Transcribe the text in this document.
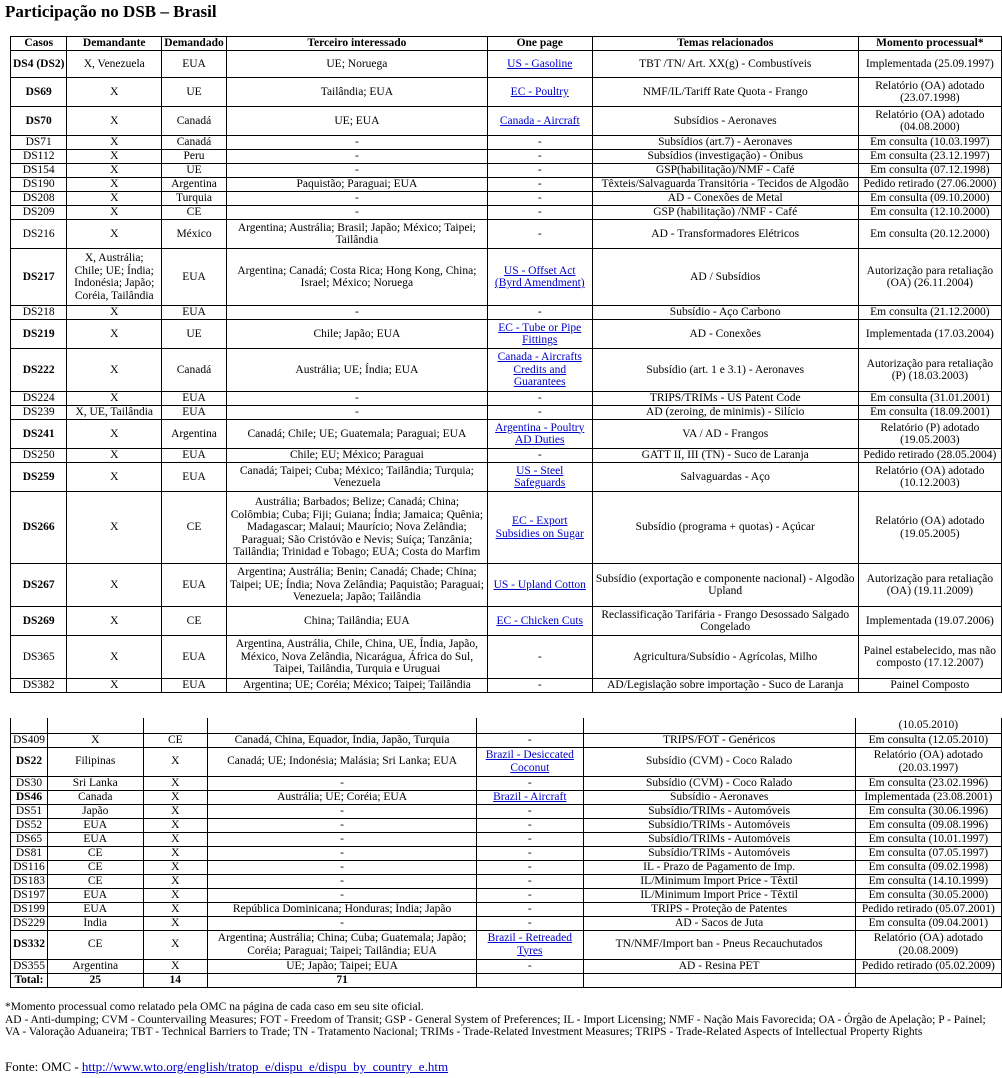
Participação no DSB – Brasil
Casos	Demandante	Demandado	Terceiro interessado	One page	Temas relacionados	Momento processual*
DS4 (DS2)	X, Venezuela	EUA	UE; Noruega	US - Gasoline	TBT /TN/ Art. XX(g) - Combustíveis	Implementada (25.09.1997)
DS69	X	UE	Tailândia; EUA	EC - Poultry	NMF/IL/Tariff Rate Quota - Frango	Relatório (OA) adotado (23.07.1998)
DS70	X	Canadá	UE; EUA	Canada - Aircraft	Subsídios - Aeronaves	Relatório (OA) adotado (04.08.2000)
DS71	X	Canadá	-	-	Subsídios (art.7) - Aeronaves	Em consulta (10.03.1997)
DS112	X	Peru	-	-	Subsídios (investigação) - Ônibus	Em consulta (23.12.1997)
DS154	X	UE	-	-	GSP(habilitação)/NMF - Café	Em consulta (07.12.1998)
DS190	X	Argentina	Paquistão; Paraguai; EUA	-	Têxteis/Salvaguarda Transitória - Tecidos de Algodão	Pedido retirado (27.06.2000)
DS208	X	Turquia	-	-	AD - Conexões de Metal	Em consulta (09.10.2000)
DS209	X	CE	-	-	GSP (habilitação) /NMF - Café	Em consulta (12.10.2000)
DS216	X	México	Argentina; Austrália; Brasil; Japão; México; Taipei; Tailândia	-	AD - Transformadores Elétricos	Em consulta (20.12.2000)
DS217	X, Austrália; Chile; UE; Índia; Indonésia; Japão; Coréia, Tailândia	EUA	Argentina; Canadá; Costa Rica; Hong Kong, China; Israel; México; Noruega	US - Offset Act (Byrd Amendment)	AD / Subsídios	Autorização para retaliação (OA) (26.11.2004)
DS218	X	EUA	-	-	Subsídio - Aço Carbono	Em consulta (21.12.2000)
DS219	X	UE	Chile; Japão; EUA	EC - Tube or Pipe Fittings	AD - Conexões	Implementada (17.03.2004)
DS222	X	Canadá	Austrália; UE; Índia; EUA	Canada - Aircrafts Credits and Guarantees	Subsídio (art. 1 e 3.1) - Aeronaves	Autorização para retaliação (P) (18.03.2003)
DS224	X	EUA	-	-	TRIPS/TRIMs - US Patent Code	Em consulta (31.01.2001)
DS239	X, UE, Tailândia	EUA	-	-	AD (zeroing, de minimis) - Silício	Em consulta (18.09.2001)
DS241	X	Argentina	Canadá; Chile; UE; Guatemala; Paraguai; EUA	Argentina - Poultry AD Duties	VA / AD - Frangos	Relatório (P) adotado (19.05.2003)
DS250	X	EUA	Chile; EU; México; Paraguai	-	GATT II, III (TN) - Suco de Laranja	Pedido retirado (28.05.2004)
DS259	X	EUA	Canadá; Taipei; Cuba; México; Tailândia; Turquia; Venezuela	US - Steel Safeguards	Salvaguardas - Aço	Relatório (OA) adotado (10.12.2003)
DS266	X	CE	Austrália; Barbados; Belize; Canadá; China; Colômbia; Cuba; Fiji; Guiana; Índia; Jamaica; Quênia; Madagascar; Malaui; Maurício; Nova Zelândia; Paraguai; São Cristóvão e Nevis; Suíça; Tanzânia; Tailândia; Trinidad e Tobago; EUA; Costa do Marfim	EC - Export Subsidies on Sugar	Subsídio (programa + quotas) - Açúcar	Relatório (OA) adotado (19.05.2005)
DS267	X	EUA	Argentina; Austrália; Benin; Canadá; Chade; China; Taipei; UE; Índia; Nova Zelândia; Paquistão; Paraguai; Venezuela; Japão; Tailândia	US - Upland Cotton	Subsídio (exportação e componente nacional) - Algodão Upland	Autorização para retaliação (OA) (19.11.2009)
DS269	X	CE	China; Tailândia; EUA	EC - Chicken Cuts	Reclassificação Tarifária - Frango Desossado Salgado Congelado	Implementada (19.07.2006)
DS365	X	EUA	Argentina, Austrália, Chile, China, UE, Índia, Japão, México, Nova Zelândia, Nicarágua, África do Sul, Taipei, Tailândia, Turquia e Uruguai	-	Agricultura/Subsídio - Agrícolas, Milho	Painel estabelecido, mas não composto (17.12.2007)
DS382	X	EUA	Argentina; UE; Coréia; México; Taipei; Tailândia	-	AD/Legislação sobre importação - Suco de Laranja	Painel Composto
						(10.05.2010)
DS409	X	CE	Canadá, China, Equador, Índia, Japão, Turquia	-	TRIPS/FOT - Genéricos	Em consulta (12.05.2010)
DS22	Filipinas	X	Canadá; UE; Indonésia; Malásia; Sri Lanka; EUA	Brazil - Desiccated Coconut	Subsídio (CVM) - Coco Ralado	Relatório (OA) adotado (20.03.1997)
DS30	Sri Lanka	X	-	-	Subsídio (CVM) - Coco Ralado	Em consulta (23.02.1996)
DS46	Canada	X	Austrália; UE; Coréia; EUA	Brazil - Aircraft	Subsídio - Aeronaves	Implementada (23.08.2001)
DS51	Japão	X	-	-	Subsídio/TRIMs - Automóveis	Em consulta (30.06.1996)
DS52	EUA	X	-	-	Subsídio/TRIMs - Automóveis	Em consulta (09.08.1996)
DS65	EUA	X	-	-	Subsídio/TRIMs - Automóveis	Em consulta (10.01.1997)
DS81	CE	X	-	-	Subsídio/TRIMs - Automóveis	Em consulta (07.05.1997)
DS116	CE	X	-	-	IL - Prazo de Pagamento de Imp.	Em consulta (09.02.1998)
DS183	CE	X	-	-	IL/Minimum Import Price - Têxtil	Em consulta (14.10.1999)
DS197	EUA	X	-	-	IL/Minimum Import Price - Têxtil	Em consulta (30.05.2000)
DS199	EUA	X	República Dominicana; Honduras; Índia; Japão	-	TRIPS - Proteção de Patentes	Pedido retirado (05.07.2001)
DS229	Índia	X	-	-	AD - Sacos de Juta	Em consulta (09.04.2001)
DS332	CE	X	Argentina; Austrália; China; Cuba; Guatemala; Japão; Coréia; Paraguai; Taipei; Tailândia; EUA	Brazil - Retreaded Tyres	TN/NMF/Import ban - Pneus Recauchutados	Relatório (OA) adotado (20.08.2009)
DS355	Argentina	X	UE; Japão; Taipei; EUA	-	AD - Resina PET	Pedido retirado (05.02.2009)
Total:	25	14	71			

*Momento processual como relatado pela OMC na página de cada caso em seu site oficial.

AD - Anti-dumping; CVM - Countervailing Measures; FOT - Freedom of Transit; GSP - General System of Preferences; IL - Import Licensing; NMF - Nação Mais Favorecida; OA - Órgão de Apelação; P - Painel; VA - Valoração Aduaneira; TBT - Technical Barriers to Trade; TN - Tratamento Nacional; TRIMs - Trade-Related Investment Measures; TRIPS - Trade-Related Aspects of Intellectual Property Rights

Fonte: OMC - http://www.wto.org/english/tratop_e/dispu_e/dispu_by_country_e.htm
